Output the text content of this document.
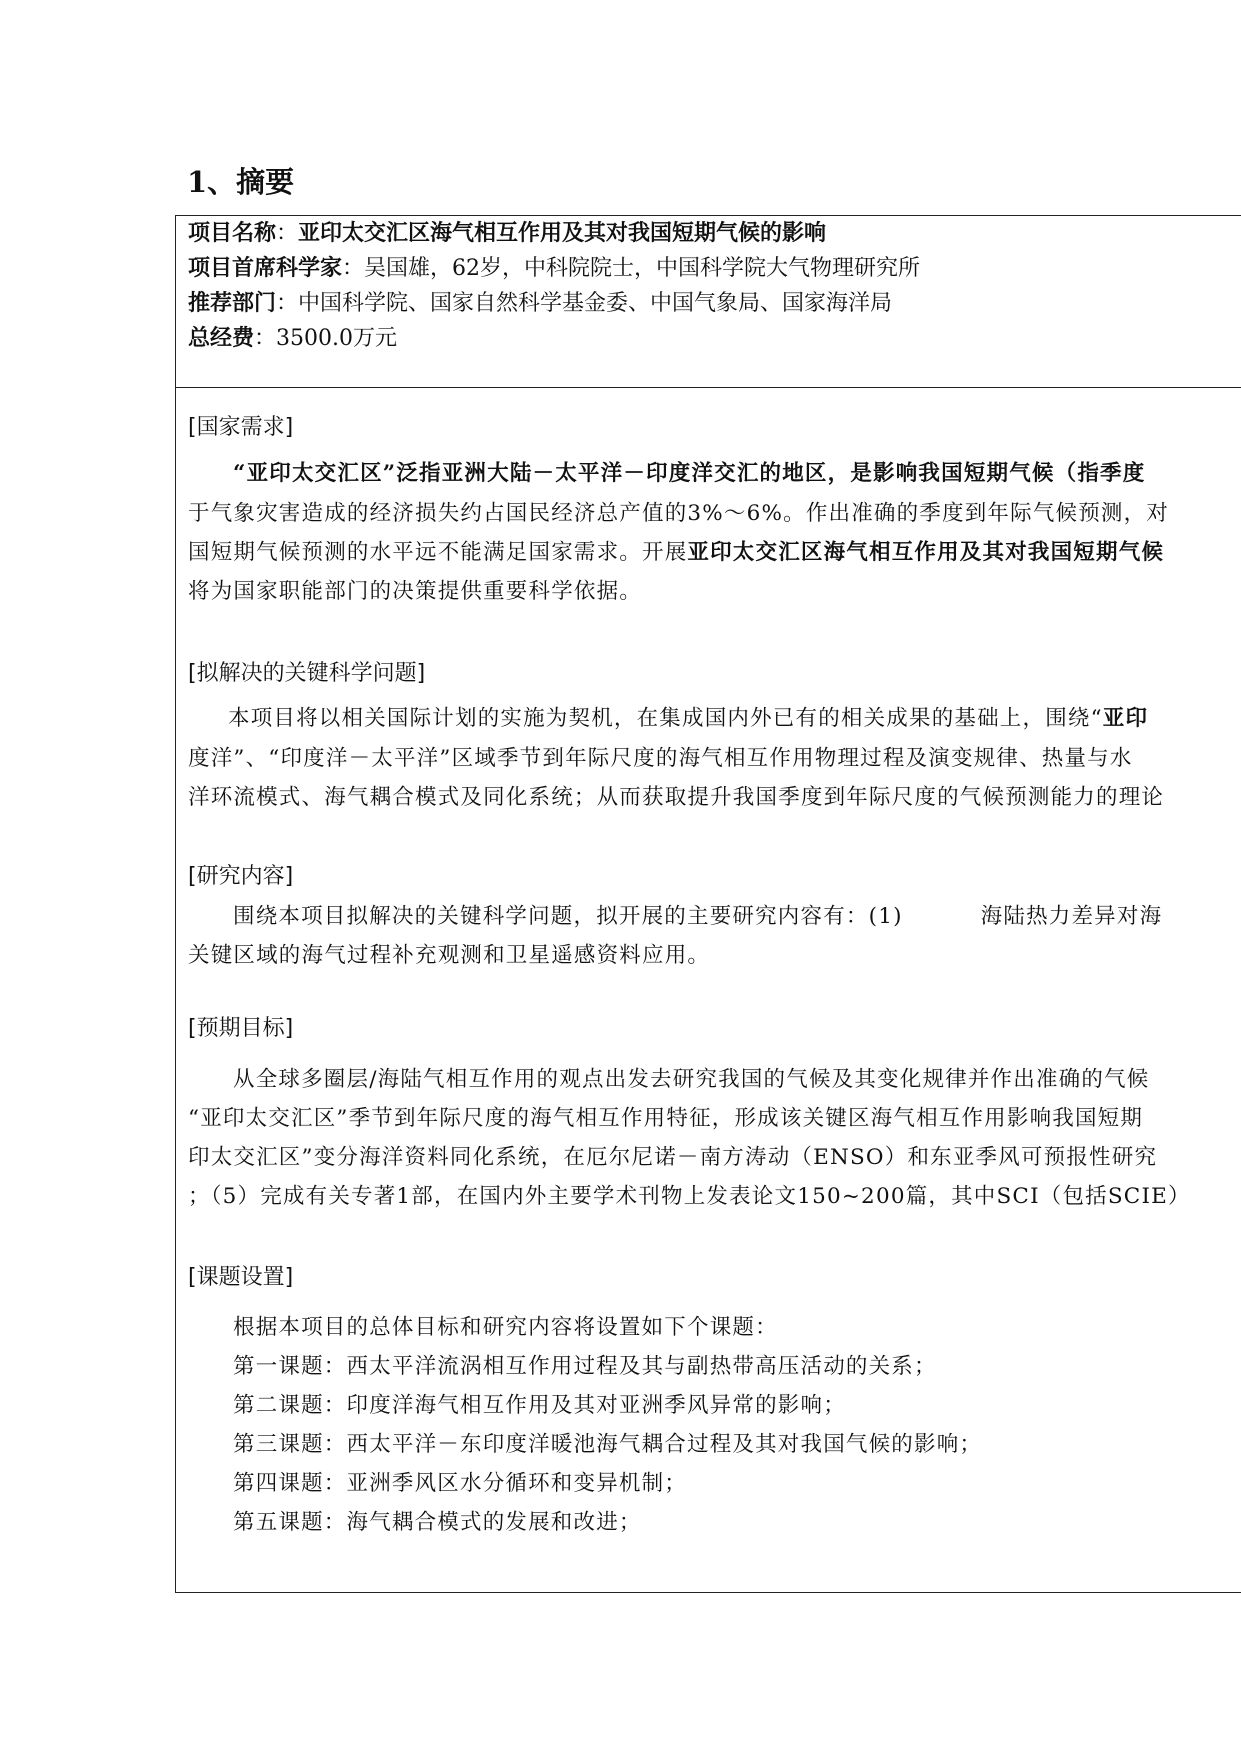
1、摘要
项目名称：亚印太交汇区海气相互作用及其对我国短期气候的影响
项目首席科学家：吴国雄，62岁，中科院院士，中国科学院大气物理研究所
推荐部门：中国科学院、国家自然科学基金委、中国气象局、国家海洋局
总经费：3500.0万元
[国家需求]
“亚印太交汇区”泛指亚洲大陆－太平洋－印度洋交汇的地区，是影响我国短期气候（指季度
于气象灾害造成的经济损失约占国民经济总产值的3%～6%。作出准确的季度到年际气候预测，对
国短期气候预测的水平远不能满足国家需求。开展亚印太交汇区海气相互作用及其对我国短期气候
将为国家职能部门的决策提供重要科学依据。
[拟解决的关键科学问题]
本项目将以相关国际计划的实施为契机，在集成国内外已有的相关成果的基础上，围绕“亚印
度洋”、“印度洋－太平洋”区域季节到年际尺度的海气相互作用物理过程及演变规律、热量与水
洋环流模式、海气耦合模式及同化系统；从而获取提升我国季度到年际尺度的气候预测能力的理论
[研究内容]
围绕本项目拟解决的关键科学问题，拟开展的主要研究内容有：(1)	海陆热力差异对海
关键区域的海气过程补充观测和卫星遥感资料应用。
[预期目标]
从全球多圈层/海陆气相互作用的观点出发去研究我国的气候及其变化规律并作出准确的气候
“亚印太交汇区”季节到年际尺度的海气相互作用特征，形成该关键区海气相互作用影响我国短期
印太交汇区”变分海洋资料同化系统，在厄尔尼诺－南方涛动（ENSO）和东亚季风可预报性研究
；（5）完成有关专著1部，在国内外主要学术刊物上发表论文150~200篇，其中SCI（包括SCIE）
[课题设置]
根据本项目的总体目标和研究内容将设置如下个课题：
第一课题：西太平洋流涡相互作用过程及其与副热带高压活动的关系；
第二课题：印度洋海气相互作用及其对亚洲季风异常的影响；
第三课题：西太平洋－东印度洋暖池海气耦合过程及其对我国气候的影响；
第四课题：亚洲季风区水分循环和变异机制；
第五课题：海气耦合模式的发展和改进；
